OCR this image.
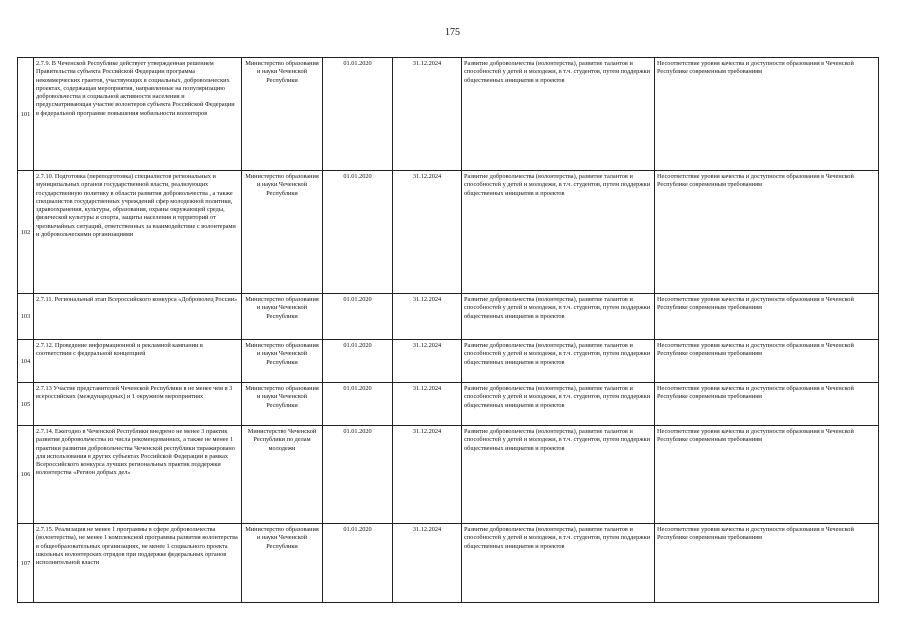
175
101	2.7.9. В Чеченской Республике действует утвержденная решением Правительства субъекта Российской Федерации программа некоммерческих грантов, участвующих в социальных, добровольческих проектах, содержащая мероприятия, направленные на популяризацию добровольчества и социальной активности населения и предусматривающая участие волонтеров субъекта Российской Федерации в федеральной программе повышения мобильности волонтеров	Министерство образования и науки Чеченской Республики	01.01.2020	31.12.2024	Развитие добровольчества (волонтерства), развитие талантов и способностей у детей и молодежи, в т.ч. студентов, путем поддержки общественных инициатив и проектов	Несоответствие уровня качества и доступности образования в Чеченской Республике современным требованиям
102	2.7.10. Подготовка (переподготовка) специалистов региональных и муниципальных органов государственной власти, реализующих государственную политику в области развития добровольчества , а также специалистов государственных учреждений сфер молодежной политики, здравоохранения, культуры, образования, охраны окружающей среды, физической культуры и спорта, защиты населения и территорий от чрезвычайных ситуаций, ответственных за взаимодействие с волонтерами и добровольческими организациями	Министерство образования и науки Чеченской Республики	01.01.2020	31.12.2024	Развитие добровольчества (волонтерства), развитие талантов и способностей у детей и молодежи, в т.ч. студентов, путем поддержки общественных инициатив и проектов	Несоответствие уровня качества и доступности образования в Чеченской Республике современным требованиям
103	2.7.11. Региональный этап Всероссийского конкурса «Доброволец России»	Министерство образования и науки Чеченской Республики	01.01.2020	31.12.2024	Развитие добровольчества (волонтерства), развитие талантов и способностей у детей и молодежи, в т.ч. студентов, путем поддержки общественных инициатив и проектов	Несоответствие уровня качества и доступности образования в Чеченской Республике современным требованиям
104	2.7.12. Проведение информационной и рекламной кампании в соответствии с федеральной концепцией	Министерство образования и науки Чеченской Республики	01.01.2020	31.12.2024	Развитие добровольчества (волонтерства), развитие талантов и способностей у детей и молодежи, в т.ч. студентов, путем поддержки общественных инициатив и проектов	Несоответствие уровня качества и доступности образования в Чеченской Республике современным требованиям
105	2.7.13 Участие представителей Чеченской Республики в не менее чем в 3 всероссийских (международных) и 1 окружном мероприятиях	Министерство образования и науки Чеченской Республики	01.01.2020	31.12.2024	Развитие добровольчества (волонтерства), развитие талантов и способностей у детей и молодежи, в т.ч. студентов, путем поддержки общественных инициатив и проектов	Несоответствие уровня качества и доступности образования в Чеченской Республике современным требованиям
106	2.7.14. Ежегодно в Чеченской Республики внедрено не менее 3 практик развития добровольчества из числа рекомендованных, а также не менее 1 практики развития добровольчества Чеченской республики тиражировано для использования в других субъектах Российской Федерации в рамках Всероссийского конкурса лучших региональных практик поддержки волонтерства «Регион добрых дел»	Министерство Чеченской Республики по делам молодежи	01.01.2020	31.12.2024	Развитие добровольчества (волонтерства), развитие талантов и способностей у детей и молодежи, в т.ч. студентов, путем поддержки общественных инициатив и проектов	Несоответствие уровня качества и доступности образования в Чеченской Республике современным требованиям
107	2.7.15. Реализация не менее 1 программы в сфере добровольчества (волонтерства), не менее 1 комплексной программы развития волонтерства в общеобразовательных организациях, не менее 1 социального проекта школьных волонтерских отрядов при поддержке федеральных органов исполнительной власти	Министерство образования и науки Чеченской Республики	01.01.2020	31.12.2024	Развитие добровольчества (волонтерства), развитие талантов и способностей у детей и молодежи, в т.ч. студентов, путем поддержки общественных инициатив и проектов	Несоответствие уровня качества и доступности образования в Чеченской Республике современным требованиям
